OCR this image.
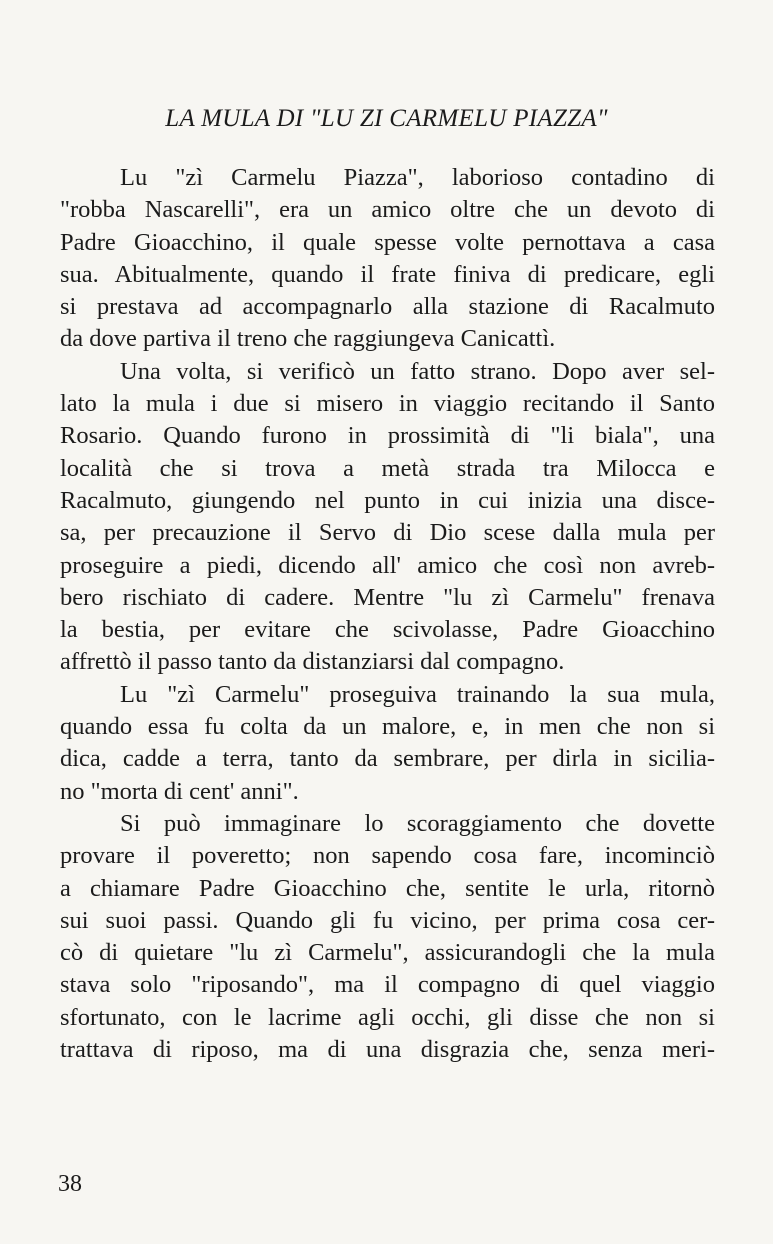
LA MULA DI "LU ZI CARMELU PIAZZA"
Lu "zì Carmelu Piazza", laborioso contadino di
"robba Nascarelli", era un amico oltre che un devoto di
Padre Gioacchino, il quale spesse volte pernottava a casa
sua. Abitualmente, quando il frate finiva di predicare, egli
si prestava ad accompagnarlo alla stazione di Racalmuto
da dove partiva il treno che raggiungeva Canicattì.
Una volta, si verificò un fatto strano. Dopo aver sel-
lato la mula i due si misero in viaggio recitando il Santo
Rosario. Quando furono in prossimità di "li biala", una
località che si trova a metà strada tra Milocca e
Racalmuto, giungendo nel punto in cui inizia una disce-
sa, per precauzione il Servo di Dio scese dalla mula per
proseguire a piedi, dicendo all' amico che così non avreb-
bero rischiato di cadere. Mentre "lu zì Carmelu" frenava
la bestia, per evitare che scivolasse, Padre Gioacchino
affrettò il passo tanto da distanziarsi dal compagno.
Lu "zì Carmelu" proseguiva trainando la sua mula,
quando essa fu colta da un malore, e, in men che non si
dica, cadde a terra, tanto da sembrare, per dirla in sicilia-
no "morta di cent' anni".
Si può immaginare lo scoraggiamento che dovette
provare il poveretto; non sapendo cosa fare, incominciò
a chiamare Padre Gioacchino che, sentite le urla, ritornò
sui suoi passi. Quando gli fu vicino, per prima cosa cer-
cò di quietare "lu zì Carmelu", assicurandogli che la mula
stava solo "riposando", ma il compagno di quel viaggio
sfortunato, con le lacrime agli occhi, gli disse che non si
trattava di riposo, ma di una disgrazia che, senza meri-
38
